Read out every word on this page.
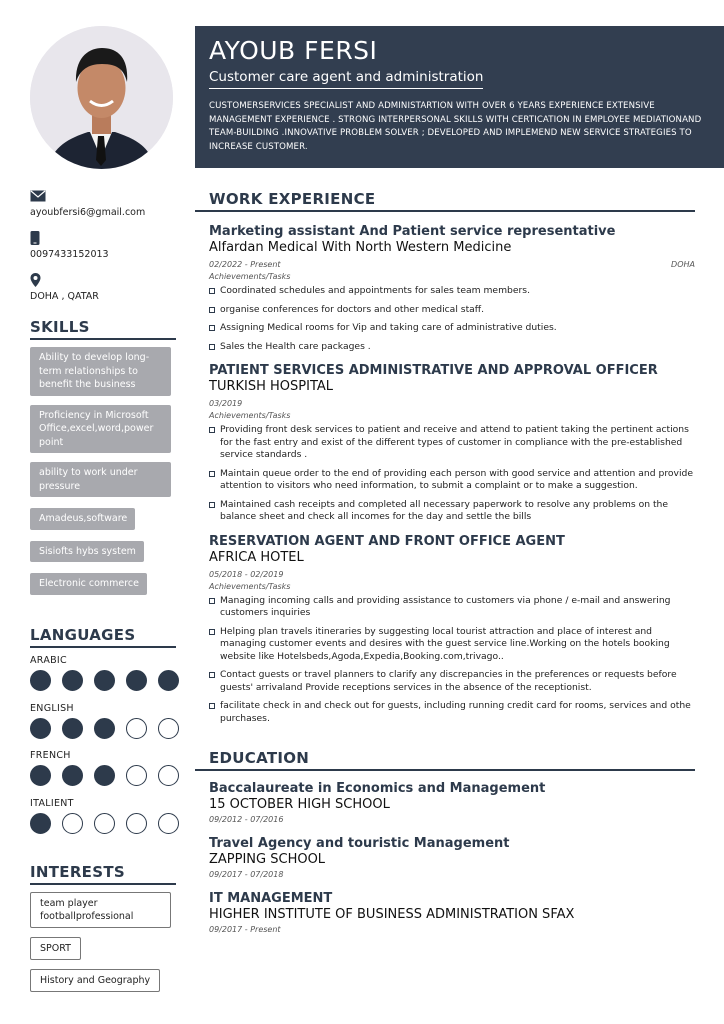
ayoubfersi6@gmail.com
0097433152013
DOHA , QATAR
SKILLS
Ability to develop long-term relationships to benefit the business
Proficiency in Microsoft Office,excel,word,power point
ability to work under pressure
Amadeus,software
Sisiofts hybs system
Electronic commerce
LANGUAGES
ARABIC
ENGLISH
FRENCH
ITALIENT
INTERESTS
team player footballprofessional
SPORT
History and Geography
AYOUB FERSI
Customer care agent and administration

CUSTOMERSERVICES SPECIALIST AND ADMINISTARTION WITH OVER 6 YEARS EXPERIENCE EXTENSIVE MANAGEMENT EXPERIENCE . STRONG INTERPERSONAL SKILLS WITH CERTICATION IN EMPLOYEE MEDIATIONAND TEAM-BUILDING .INNOVATIVE PROBLEM SOLVER ; DEVELOPED AND IMPLEMEND NEW SERVICE STRATEGIES TO INCREASE CUSTOMER.

WORK EXPERIENCE
Marketing assistant And Patient service representative
Alfardan Medical With North Western Medicine
02/2022 - Present	DOHA
Achievements/Tasks
Coordinated schedules and appointments for sales team members.
organise conferences for doctors and other medical staff.
Assigning Medical rooms for Vip and taking care of administrative duties.
Sales the Health care packages .
PATIENT SERVICES ADMINISTRATIVE AND APPROVAL OFFICER
TURKISH HOSPITAL
03/2019
Achievements/Tasks
Providing front desk services to patient and receive and attend to patient taking the pertinent actions for the fast entry and exist of the different types of customer in compliance with the pre-established service standards .
Maintain queue order to the end of providing each person with good service and attention and provide attention to visitors who need information, to submit a complaint or to make a suggestion.
Maintained cash receipts and completed all necessary paperwork to resolve any problems on the balance sheet and check all incomes for the day and settle the bills
RESERVATION AGENT AND FRONT OFFICE AGENT
AFRICA HOTEL
05/2018 - 02/2019
Achievements/Tasks
Managing incoming calls and providing assistance to customers via phone / e-mail and answering customers inquiries
Helping plan travels itineraries by suggesting local tourist attraction and place of interest and managing customer events and desires with the guest service line.Working on the hotels booking website like Hotelsbeds,Agoda,Expedia,Booking.com,trivago..
Contact guests or travel planners to clarify any discrepancies in the preferences or requests before guests' arrivaland Provide receptions services in the absence of the receptionist.
facilitate check in and check out for guests, including running credit card for rooms, services and othe purchases.
EDUCATION
Baccalaureate in Economics and Management
15 OCTOBER HIGH SCHOOL
09/2012 - 07/2016
Travel Agency and touristic Management
ZAPPING SCHOOL
09/2017 - 07/2018
IT MANAGEMENT
HIGHER INSTITUTE OF BUSINESS ADMINISTRATION SFAX
09/2017 - Present
